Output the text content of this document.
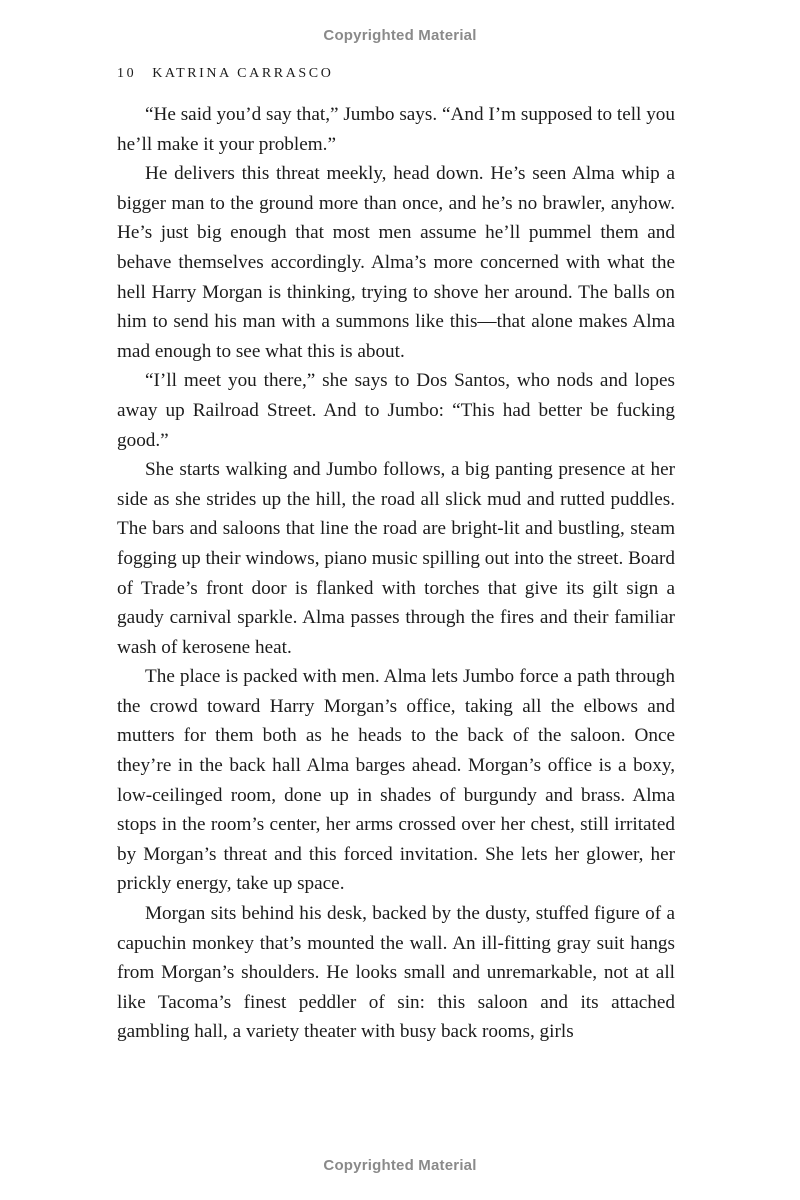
Copyrighted Material
10 KATRINA CARRASCO

“He said you’d say that,” Jumbo says. “And I’m supposed to tell you he’ll make it your problem.”

He delivers this threat meekly, head down. He’s seen Alma whip a bigger man to the ground more than once, and he’s no brawler, anyhow. He’s just big enough that most men assume he’ll pummel them and behave themselves accordingly. Alma’s more concerned with what the hell Harry Morgan is thinking, trying to shove her around. The balls on him to send his man with a summons like this—that alone makes Alma mad enough to see what this is about.

“I’ll meet you there,” she says to Dos Santos, who nods and lopes away up Railroad Street. And to Jumbo: “This had better be fucking good.”

She starts walking and Jumbo follows, a big panting presence at her side as she strides up the hill, the road all slick mud and rutted puddles. The bars and saloons that line the road are bright-lit and bustling, steam fogging up their windows, piano music spilling out into the street. Board of Trade’s front door is flanked with torches that give its gilt sign a gaudy carnival sparkle. Alma passes through the fires and their familiar wash of kerosene heat.

The place is packed with men. Alma lets Jumbo force a path through the crowd toward Harry Morgan’s office, taking all the elbows and mutters for them both as he heads to the back of the saloon. Once they’re in the back hall Alma barges ahead. Morgan’s office is a boxy, low-ceilinged room, done up in shades of burgundy and brass. Alma stops in the room’s center, her arms crossed over her chest, still irritated by Morgan’s threat and this forced invitation. She lets her glower, her prickly energy, take up space.

Morgan sits behind his desk, backed by the dusty, stuffed figure of a capuchin monkey that’s mounted the wall. An ill-fitting gray suit hangs from Morgan’s shoulders. He looks small and unremarkable, not at all like Tacoma’s finest peddler of sin: this saloon and its attached gambling hall, a variety theater with busy back rooms, girls

Copyrighted Material
